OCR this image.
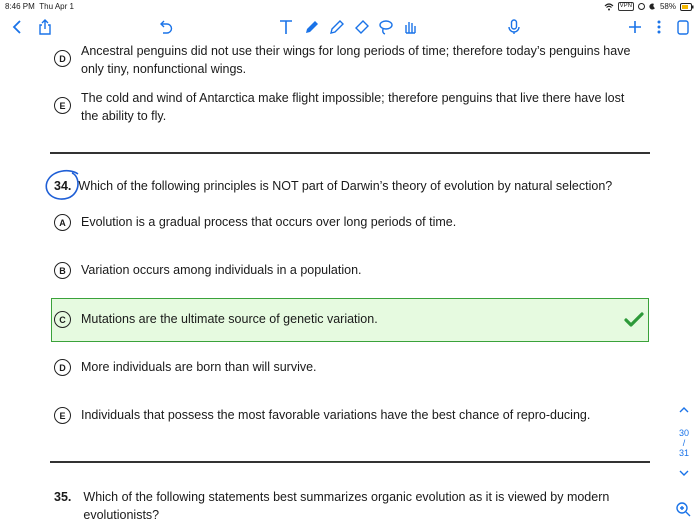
8:46 PM Thu Apr 1	VPN	58%
D
Ancestral penguins did not use their wings for long periods of time; therefore today’s penguins have only tiny, nonfunctional wings.
E
The cold and wind of Antarctica make flight impossible; therefore penguins that live there have lost the ability to fly.
34. Which of the following principles is NOT part of Darwin’s theory of evolution by natural selection?
A	Evolution is a gradual process that occurs over long periods of time.
B	Variation occurs among individuals in a population.
C	Mutations are the ultimate source of genetic variation.
D	More individuals are born than will survive.
E	Individuals that possess the most favorable variations have the best chance of repro-ducing.
35. Which of the following statements best summarizes organic evolution as it is viewed by modern evolutionists?
30
/
31
